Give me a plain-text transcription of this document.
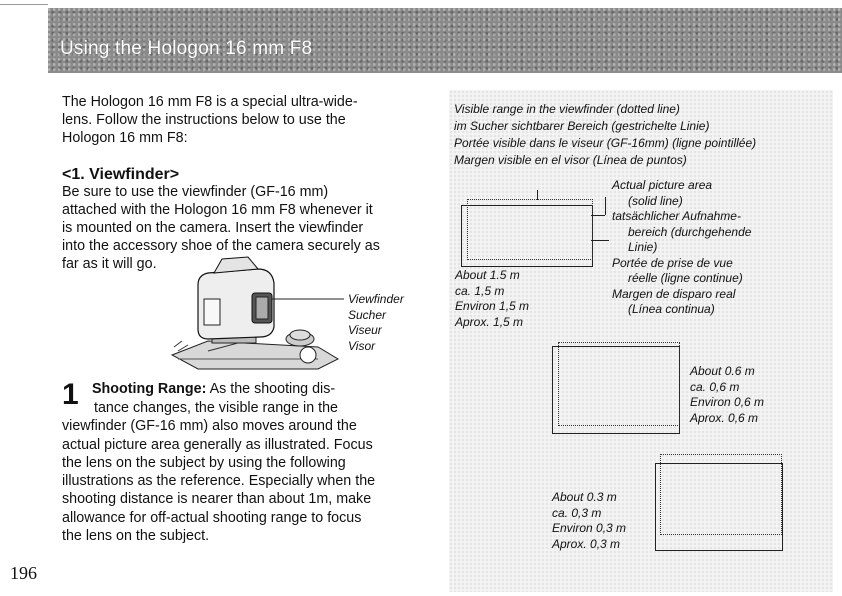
Using the Hologon 16 mm F8
The Hologon 16 mm F8 is a special ultra-wide-
lens. Follow the instructions below to use the
Hologon 16 mm F8:
<1. Viewfinder>
Be sure to use the viewfinder (GF-16 mm)
attached with the Hologon 16 mm F8 whenever it
is mounted on the camera. Insert the viewfinder
into the accessory shoe of the camera securely as
far as it will go.
Viewfinder
Sucher
Viseur
Visor
1 Shooting Range: As the shooting dis-
tance changes, the visible range in the
viewfinder (GF-16 mm) also moves around the
actual picture area generally as illustrated. Focus
the lens on the subject by using the following
illustrations as the reference. Especially when the
shooting distance is nearer than about 1m, make
allowance for off-actual shooting range to focus
the lens on the subject.
196
Visible range in the viewfinder (dotted line)
im Sucher sichtbarer Bereich (gestrichelte Linie)
Portée visible dans le viseur (GF-16mm) (ligne pointillée)
Margen visible en el visor (Línea de puntos)
Actual picture area
(solid line)
tatsächlicher Aufnahme-
bereich (durchgehende
Linie)
Portée de prise de vue
réelle (ligne continue)
Margen de disparo real
(Línea continua)
About 1.5 m
ca. 1,5 m
Environ 1,5 m
Aprox. 1,5 m
About 0.6 m
ca. 0,6 m
Environ 0,6 m
Aprox. 0,6 m
About 0.3 m
ca. 0,3 m
Environ 0,3 m
Aprox. 0,3 m
